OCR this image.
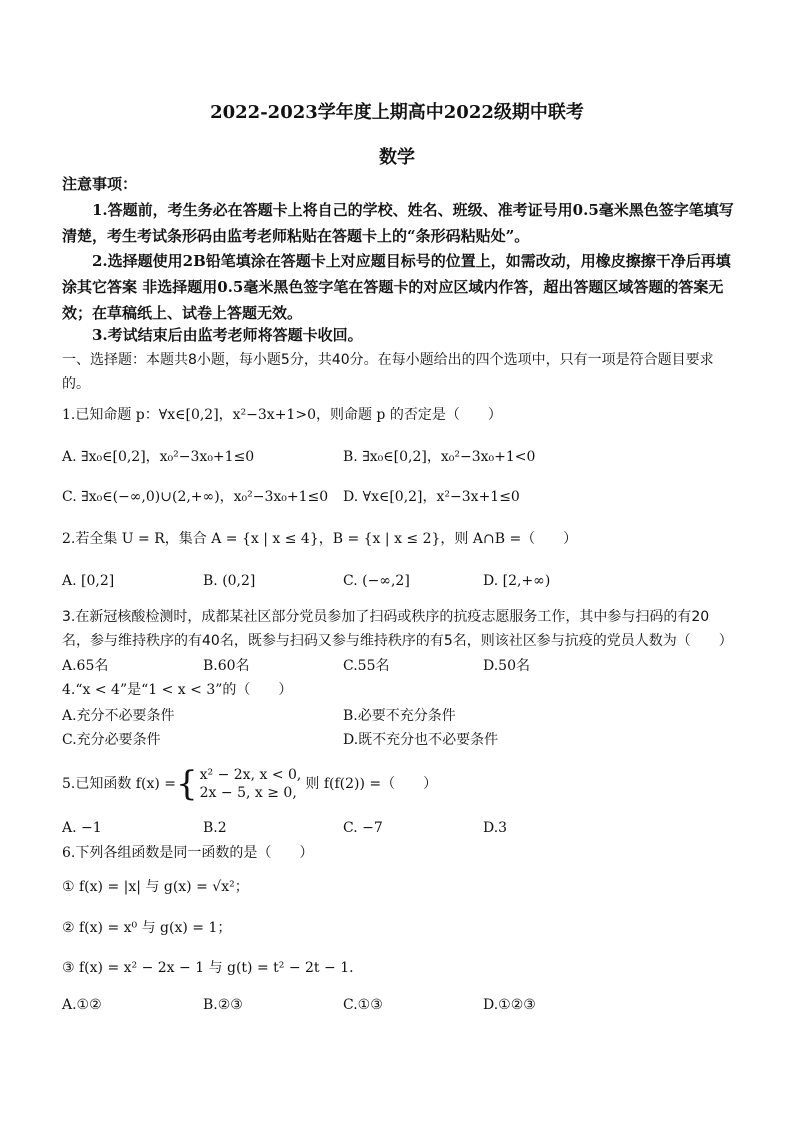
2022-2023学年度上期高中2022级期中联考
数学
注意事项：
1.答题前，考生务必在答题卡上将自己的学校、姓名、班级、准考证号用0.5毫米黑色签字笔填写清楚，考生考试条形码由监考老师粘贴在答题卡上的“条形码粘贴处”。
2.选择题使用2B铅笔填涂在答题卡上对应题目标号的位置上，如需改动，用橡皮擦擦干净后再填涂其它答案 非选择题用0.5毫米黑色签字笔在答题卡的对应区域内作答，超出答题区域答题的答案无效；在草稿纸上、试卷上答题无效。
3.考试结束后由监考老师将答题卡收回。
一、选择题：本题共8小题，每小题5分，共40分。在每小题给出的四个选项中，只有一项是符合题目要求的。
1.已知命题 p：∀x∈[0,2]，x²−3x+1>0，则命题 p 的否定是（　　）
A. ∃x₀∈[0,2]，x₀²−3x₀+1≤0	B. ∃x₀∈[0,2]，x₀²−3x₀+1<0
C. ∃x₀∈(−∞,0)∪(2,+∞)，x₀²−3x₀+1≤0 D. ∀x∈[0,2]，x²−3x+1≤0
2.若全集 U = R，集合 A = {x | x ≤ 4}，B = {x | x ≤ 2}，则 A∩B =（　　）
A. [0,2]	B. (0,2]	C. (−∞,2]	D. [2,+∞)
3.在新冠核酸检测时，成都某社区部分党员参加了扫码或秩序的抗疫志愿服务工作，其中参与扫码的有20名，参与维持秩序的有40名，既参与扫码又参与维持秩序的有5名，则该社区参与抗疫的党员人数为（　　）
A.65名	B.60名	C.55名	D.50名
4.“x < 4”是“1 < x < 3”的（　　）
A.充分不必要条件	B.必要不充分条件
C.充分必要条件	D.既不充分也不必要条件
5.已知函数 f(x) = { x² − 2x, x < 0,
2x − 5, x ≥ 0,
则 f(f(2)) =（　　）
A. −1	B.2	C. −7	D.3
6.下列各组函数是同一函数的是（　　）
① f(x) = |x| 与 g(x) = √x²；
② f(x) = x⁰ 与 g(x) = 1；
③ f(x) = x² − 2x − 1 与 g(t) = t² − 2t − 1.
A.①②	B.②③	C.①③	D.①②③
